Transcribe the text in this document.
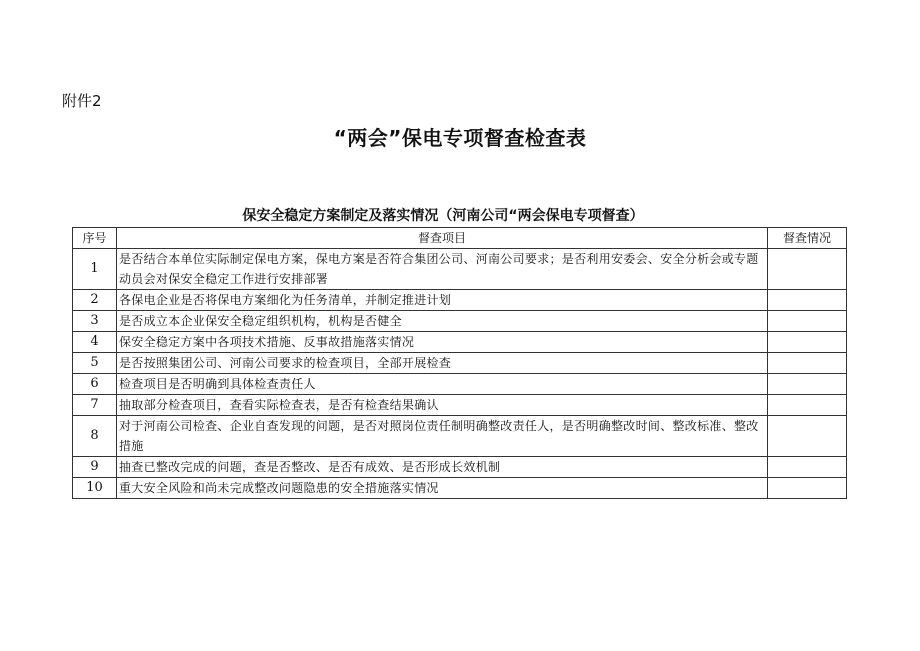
附件2
“两会”保电专项督查检查表
保安全稳定方案制定及落实情况（河南公司“两会保电专项督查）
序号	督查项目	督查情况
1	是否结合本单位实际制定保电方案，保电方案是否符合集团公司、河南公司要求；是否利用安委会、安全分析会或专题动员会对保安全稳定工作进行安排部署	
2	各保电企业是否将保电方案细化为任务清单，并制定推进计划	
3	是否成立本企业保安全稳定组织机构，机构是否健全	
4	保安全稳定方案中各项技术措施、反事故措施落实情况	
5	是否按照集团公司、河南公司要求的检查项目，全部开展检查	
6	检查项目是否明确到具体检查责任人	
7	抽取部分检查项目，查看实际检查表，是否有检查结果确认	
8	对于河南公司检查、企业自查发现的问题，是否对照岗位责任制明确整改责任人，是否明确整改时间、整改标准、整改措施	
9	抽查已整改完成的问题，查是否整改、是否有成效、是否形成长效机制	
10	重大安全风险和尚未完成整改问题隐患的安全措施落实情况	
